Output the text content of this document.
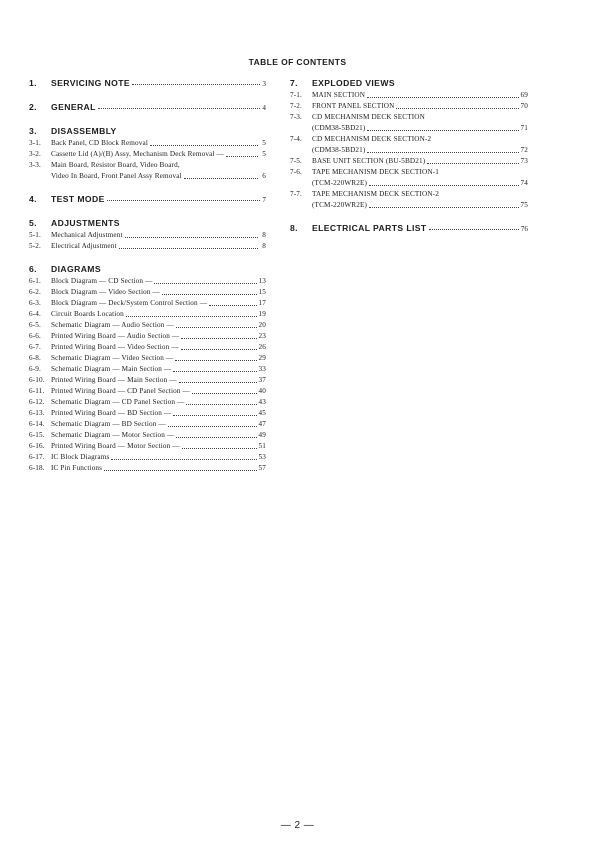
TABLE OF CONTENTS
1.	SERVICING NOTE	3
2.	GENERAL	4
3.	DISASSEMBLY
3-1.	Back Panel, CD Block Removal	5
3-2.	Cassette Lid (A)/(B) Assy, Mechanism Deck Removal —	5
3-3.	Main Board, Resistor Board, Video Board,
Video In Board, Front Panel Assy Removal	6
4.	TEST MODE	7
5.	ADJUSTMENTS
5-1.	Mechanical Adjustment	8
5-2.	Electrical Adjustment	8
6.	DIAGRAMS
6-1.	Block Diagram — CD Section —	13
6-2.	Block Diagram — Video Section —	15
6-3.	Block Diagram — Deck/System Control Section —	17
6-4.	Circuit Boards Location	19
6-5.	Schematic Diagram — Audio Section —	20
6-6.	Printed Wiring Board — Audio Section —	23
6-7.	Printed Wiring Board — Video Section —	26
6-8.	Schematic Diagram — Video Section —	29
6-9.	Schematic Diagram — Main Section —	33
6-10. Printed Wiring Board — Main Section —	37
6-11. Printed Wiring Board — CD Panel Section —	40
6-12. Schematic Diagram — CD Panel Section —	43
6-13. Printed Wiring Board — BD Section —	45
6-14. Schematic Diagram — BD Section —	47
6-15. Schematic Diagram — Motor Section —	49
6-16. Printed Wiring Board — Motor Section —	51
6-17. IC Block Diagrams	53
6-18. IC Pin Functions	57
7.	EXPLODED VIEWS
7-1.	MAIN SECTION	69
7-2.	FRONT PANEL SECTION	70
7-3.	CD MECHANISM DECK SECTION
(CDM38-5BD21)	71
7-4.	CD MECHANISM DECK SECTION-2
(CDM38-5BD21)	72
7-5.	BASE UNIT SECTION (BU-5BD21)	73
7-6.	TAPE MECHANISM DECK SECTION-1
(TCM-220WR2E)	74
7-7.	TAPE MECHANISM DECK SECTION-2
(TCM-220WR2E)	75
8.	ELECTRICAL PARTS LIST	76
— 2 —
